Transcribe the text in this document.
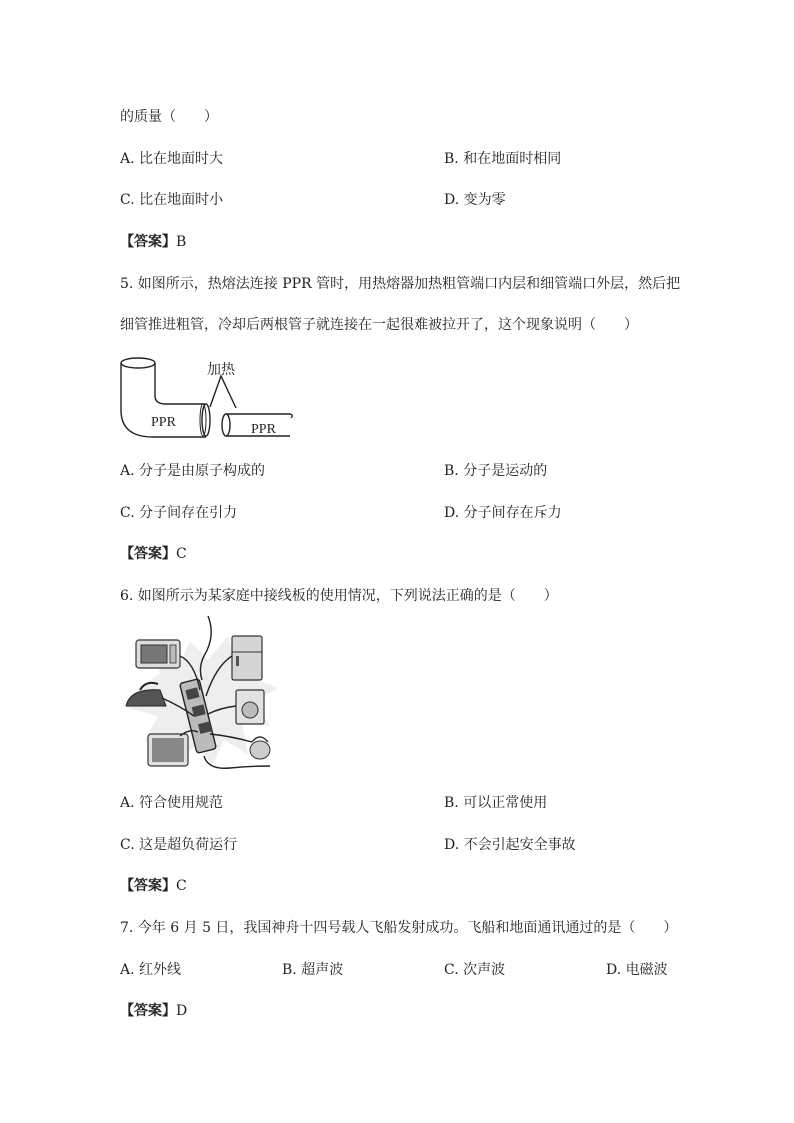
的质量（　　）
A. 比在地面时大	B. 和在地面时相同
C. 比在地面时小	D. 变为零
【答案】B
5. 如图所示，热熔法连接 PPR 管时，用热熔器加热粗管端口内层和细管端口外层，然后把
细管推进粗管，冷却后两根管子就连接在一起很难被拉开了，这个现象说明（　　）
加热
PPR	PPR
A. 分子是由原子构成的	B. 分子是运动的
C. 分子间存在引力	D. 分子间存在斥力
【答案】C
6. 如图所示为某家庭中接线板的使用情况，下列说法正确的是（　　）
A. 符合使用规范	B. 可以正常使用
C. 这是超负荷运行	D. 不会引起安全事故
【答案】C
7. 今年 6 月 5 日，我国神舟十四号载人飞船发射成功。飞船和地面通讯通过的是（　　）
A. 红外线	B. 超声波	C. 次声波	D. 电磁波
【答案】D
